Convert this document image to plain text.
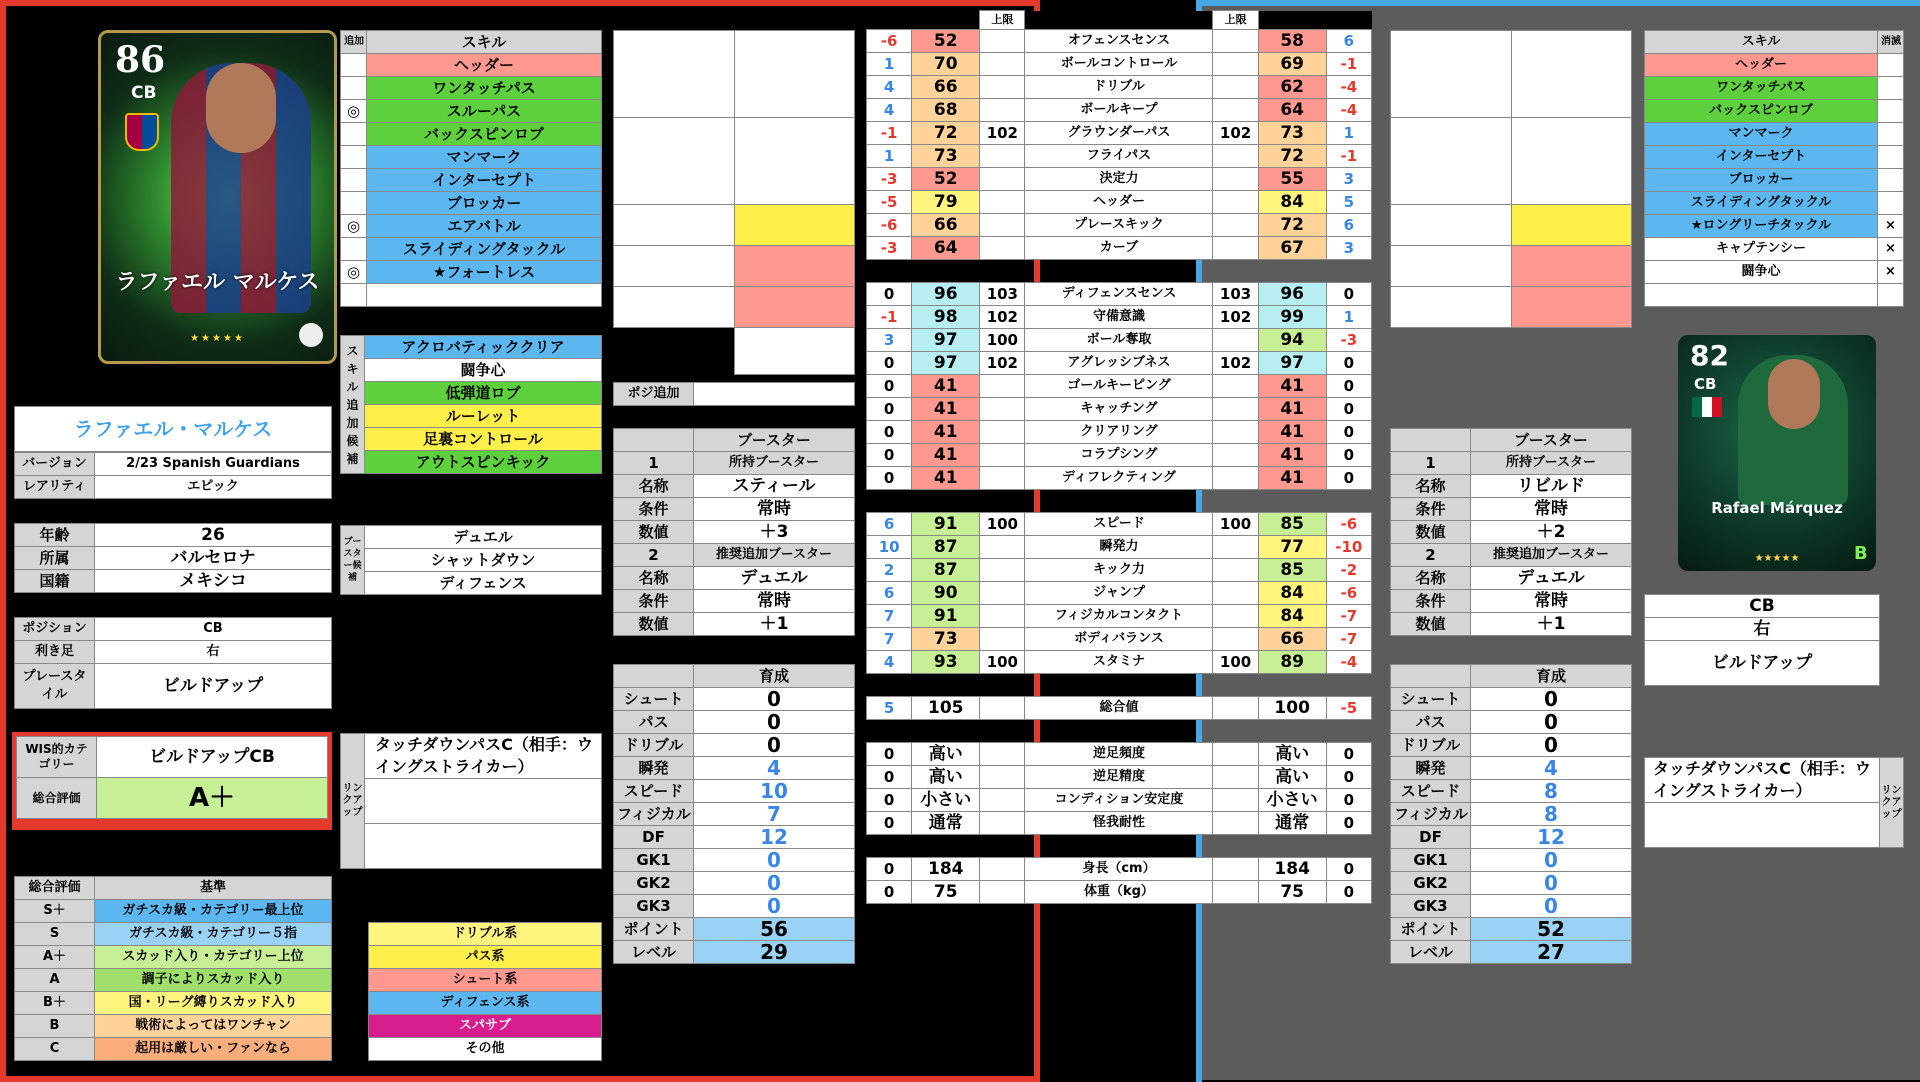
86
CB
ラファエル マルケス
★★★★★
ラファエル・マルケス
バージョン	2/23 Spanish Guardians
レアリティ	エピック
年齢	26
所属	バルセロナ
国籍	メキシコ
ポジション	CB
利き足	右
プレースタイル	ビルドアップ
WIS的カテゴリー	ビルドアップCB
総合評価	A＋
総合評価	基準
S＋	ガチスカ級・カテゴリー最上位
S	ガチスカ級・カテゴリー５指
A＋	スカッド入り・カテゴリー上位
A	調子によりスカッド入り
B＋	国・リーグ縛りスカッド入り
B	戦術によってはワンチャン
C	起用は厳しい・ファンなら
追加	スキル
	ヘッダー
	ワンタッチパス
◎	スルーパス
	バックスピンロブ
	マンマーク
	インターセプト
	ブロッカー
◎	エアバトル
	スライディングタックル
◎	★フォートレス

スキル追加候補	アクロバティッククリア
闘争心
低弾道ロブ
ルーレット
足裏コントロール
アウトスピンキック
ブースター候補	デュエル
シャットダウン
ディフェンス
リンクアップ	タッチダウンパスC（相手：ウイングストライカー）

ドリブル系
パス系
シュート系
ディフェンス系
スパサブ
その他

ポジ追加	
	ブースター
1	所持ブースター
名称	スティール
条件	常時
数値	＋3
2	推奨追加ブースター
名称	デュエル
条件	常時
数値	＋1
	育成
シュート	0
パス	0
ドリブル	0
瞬発	4
スピード	10
フィジカル	7
DF	12
GK1	0
GK2	0
GK3	0
ポイント	56
レベル	29
		上限		上限		
-6	52		オフェンスセンス		58	6
1	70		ボールコントロール		69	-1
4	66		ドリブル		62	-4
4	68		ボールキープ		64	-4
-1	72	102	グラウンダーパス	102	73	1
1	73		フライパス		72	-1
-3	52		決定力		55	3
-5	79		ヘッダー		84	5
-6	66		プレースキック		72	6
-3	64		カーブ		67	3

0	96	103	ディフェンスセンス	103	96	0
-1	98	102	守備意識	102	99	1
3	97	100	ボール奪取		94	-3
0	97	102	アグレッシブネス	102	97	0
0	41		ゴールキーピング		41	0
0	41		キャッチング		41	0
0	41		クリアリング		41	0
0	41		コラプシング		41	0
0	41		ディフレクティング		41	0

6	91	100	スピード	100	85	-6
10	87		瞬発力		77	-10
2	87		キック力		85	-2
6	90		ジャンプ		84	-6
7	91		フィジカルコンタクト		84	-7
7	73		ボディバランス		66	-7
4	93	100	スタミナ	100	89	-4

5	105		総合値		100	-5

0	高い		逆足頻度		高い	0
0	高い		逆足精度		高い	0
0	小さい		コンディション安定度		小さい	0
0	通常		怪我耐性		通常	0

0	184		身長（cm）		184	0
0	75		体重（kg）		75	0

スキル	消滅
ヘッダー	
ワンタッチパス	
バックスピンロブ	
マンマーク	
インターセプト	
ブロッカー	
スライディングタックル	
★ロングリーチタックル	×
キャプテンシー	×
闘争心	×

82
CB
Rafael Márquez
★★★★★	B
CB
右
ビルドアップ
タッチダウンパスC（相手：ウイングストライカー）	リンクアップ

	ブースター
1	所持ブースター
名称	リビルド
条件	常時
数値	＋2
2	推奨追加ブースター
名称	デュエル
条件	常時
数値	＋1
	育成
シュート	0
パス	0
ドリブル	0
瞬発	4
スピード	8
フィジカル	8
DF	12
GK1	0
GK2	0
GK3	0
ポイント	52
レベル	27
